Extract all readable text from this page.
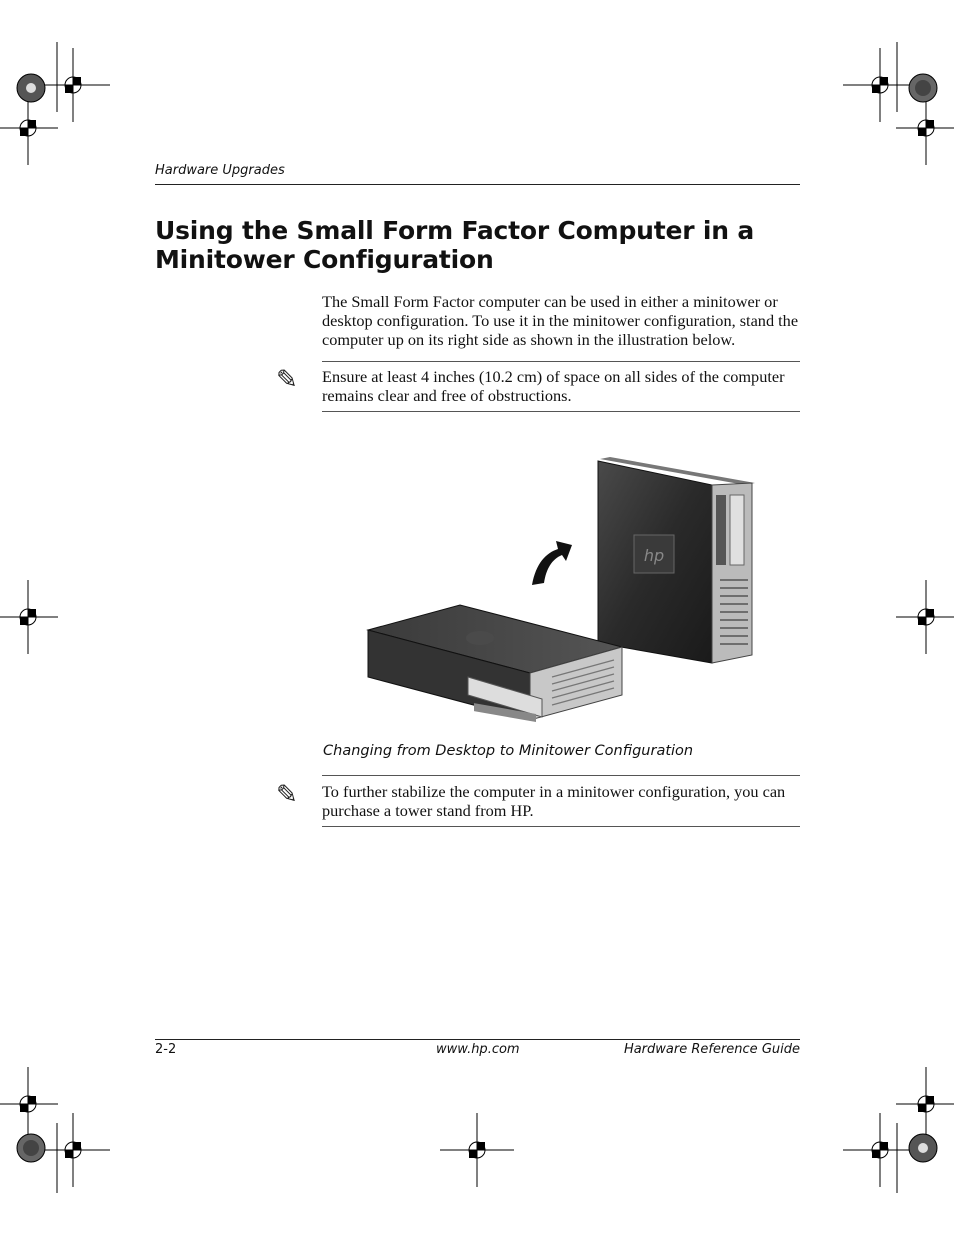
Hardware Upgrades
Using the Small Form Factor Computer in a Minitower Configuration
The Small Form Factor computer can be used in either a minitower or desktop configuration. To use it in the minitower configuration, stand the computer up on its right side as shown in the illustration below.
✎ Ensure at least 4 inches (10.2 cm) of space on all sides of the computer remains clear and free of obstructions.
hp
Changing from Desktop to Minitower Configuration
✎ To further stabilize the computer in a minitower configuration, you can purchase a tower stand from HP.
2-2	www.hp.com	Hardware Reference Guide
